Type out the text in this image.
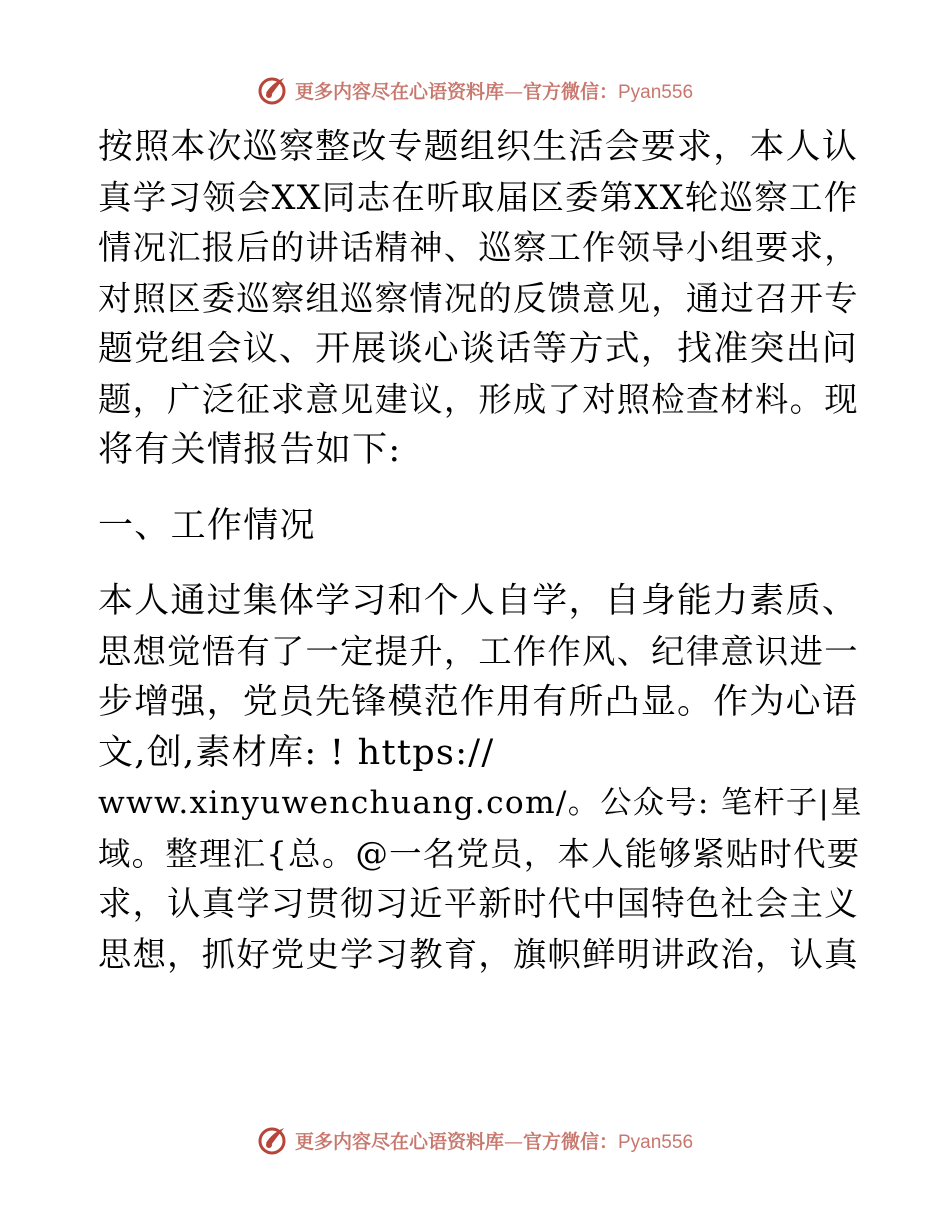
更多内容尽在心语资料库—官方微信：Pyan556
按照本次巡察整改专题组织生活会要求，本人认
真学习领会XX同志在听取届区委第XX轮巡察工作
情况汇报后的讲话精神、巡察工作领导小组要求，
对照区委巡察组巡察情况的反馈意见，通过召开专
题党组会议、开展谈心谈话等方式，找准突出问
题，广泛征求意见建议，形成了对照检查材料。现
将有关情报告如下:
一、工作情况
本人通过集体学习和个人自学，自身能力素质、
思想觉悟有了一定提升，工作作风、纪律意识进一
步增强，党员先锋模范作用有所凸显。作为心语
文,创,素材库: ! https://
www.xinyuwenchuang.com/。公众号: 笔杆子|星
域。整理汇{总。@一名党员，本人能够紧贴时代要
求，认真学习贯彻习近平新时代中国特色社会主义
思想，抓好党史学习教育，旗帜鲜明讲政治，认真
更多内容尽在心语资料库—官方微信：Pyan556
